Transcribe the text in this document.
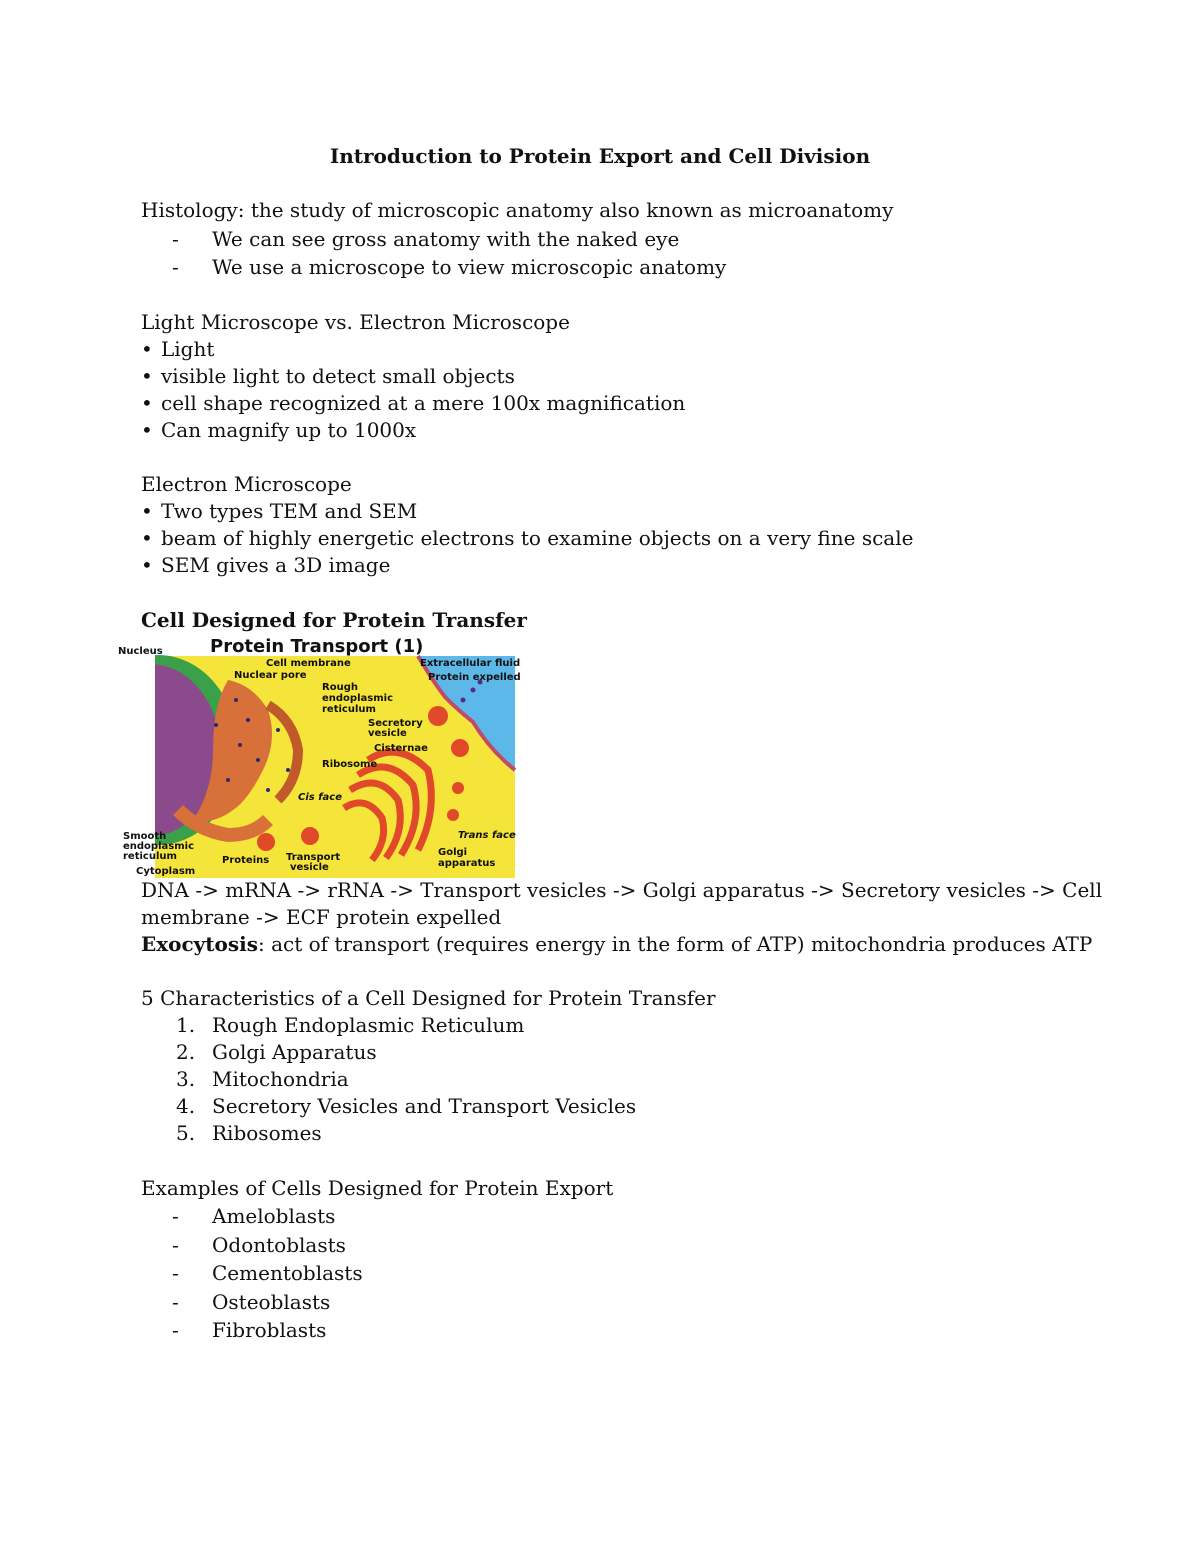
Introduction to Protein Export and Cell Division
Histology: the study of microscopic anatomy also known as microanatomy
- We can see gross anatomy with the naked eye
- We use a microscope to view microscopic anatomy
Light Microscope vs. Electron Microscope
• Light
• visible light to detect small objects
• cell shape recognized at a mere 100x magnification
• Can magnify up to 1000x
Electron Microscope
• Two types TEM and SEM
• beam of highly energetic electrons to examine objects on a very fine scale
• SEM gives a 3D image
Cell Designed for Protein Transfer
Protein Transport (1)
Nucleus
Cell membrane	Extracellular fluid
Nuclear pore	Protein expelled
Rough
endoplasmic
reticulum
Secretory
vesicle
Cisternae
Ribosome
Cis face
Trans face
Smooth
endoplasmic
reticulum	Proteins Transport
vesicle
Golgi
apparatus
Cytoplasm
DNA -> mRNA -> rRNA -> Transport vesicles -> Golgi apparatus -> Secretory vesicles -> Cell
membrane -> ECF protein expelled
Exocytosis: act of transport (requires energy in the form of ATP) mitochondria produces ATP
5 Characteristics of a Cell Designed for Protein Transfer
1. Rough Endoplasmic Reticulum
2. Golgi Apparatus
3. Mitochondria
4. Secretory Vesicles and Transport Vesicles
5. Ribosomes
Examples of Cells Designed for Protein Export
- Ameloblasts
- Odontoblasts
- Cementoblasts
- Osteoblasts
- Fibroblasts
